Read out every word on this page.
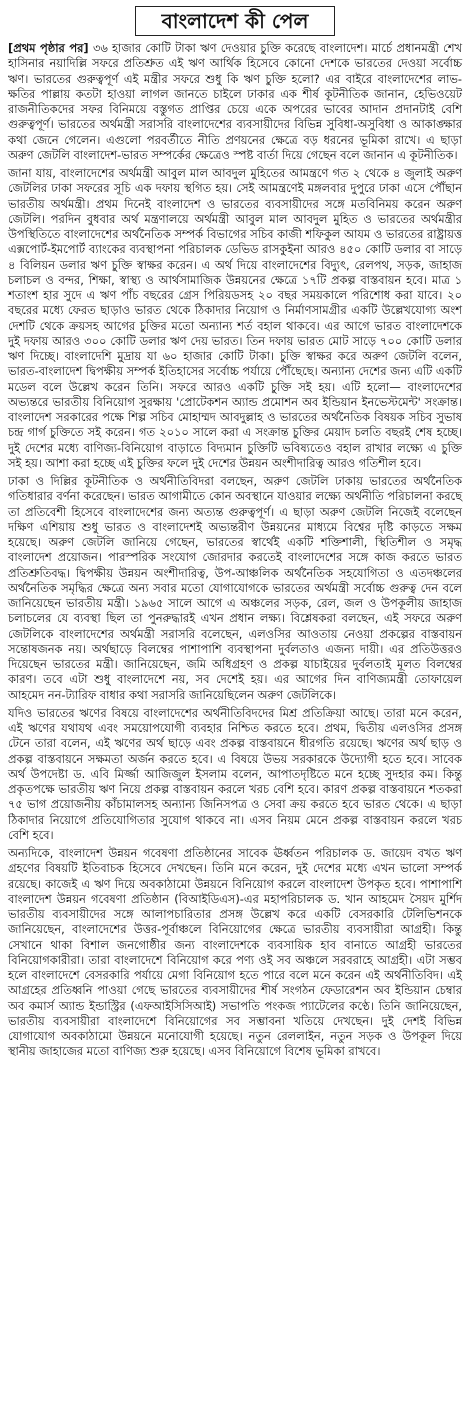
বাংলাদেশ কী পেল
[প্রথম পৃষ্ঠার পর] ৩৬ হাজার কোটি টাকা ঋণ দেওয়ার চুক্তি করেছে বাংলাদেশ। মার্চে প্রধানমন্ত্রী শেখ হাসিনার নয়াদিল্লি সফরে প্রতিশ্রুত এই ঋণ আর্থিক হিসেবে কোনো দেশকে ভারতের দেওয়া সর্বোচ্চ ঋণ। ভারতের গুরুত্বপূর্ণ এই মন্ত্রীর সফরে শুধু কি ঋণ চুক্তি হলো? এর বাইরে বাংলাদেশের লাভ-ক্ষতির পাল্লায় কতটা হাওয়া লাগল জানতে চাইলে ঢাকার এক শীর্ষ কূটনীতিক জানান, হেভিওয়েট রাজনীতিকদের সফর বিনিময়ে বস্তুগত প্রাপ্তির চেয়ে একে অপরের ভাবের আদান প্রদানটাই বেশি গুরুত্বপূর্ণ। ভারতের অর্থমন্ত্রী সরাসরি বাংলাদেশের ব্যবসায়ীদের বিভিন্ন সুবিধা-অসুবিধা ও আকাঙ্ক্ষার কথা জেনে গেলেন। এগুলো পরবর্তীতে নীতি প্রণয়নের ক্ষেত্রে বড় ধরনের ভূমিকা রাখে। এ ছাড়া অরুণ জেটলি বাংলাদেশ-ভারত সম্পর্কের ক্ষেত্রেও স্পষ্ট বার্তা দিয়ে গেছেন বলে জানান এ কূটনীতিক।
জানা যায়, বাংলাদেশের অর্থমন্ত্রী আবুল মাল আবদুল মুহিতের আমন্ত্রণে গত ২ থেকে ৪ জুলাই অরুণ জেটলির ঢাকা সফরের সূচি এক দফায় স্থগিত হয়। সেই আমন্ত্রণেই মঙ্গলবার দুপুরে ঢাকা এসে পৌঁছান ভারতীয় অর্থমন্ত্রী। প্রথম দিনেই বাংলাদেশ ও ভারতের ব্যবসায়ীদের সঙ্গে মতবিনিময় করেন অরুণ জেটলি। পরদিন বুধবার অর্থ মন্ত্রণালয়ে অর্থমন্ত্রী আবুল মাল আবদুল মুহিত ও ভারতের অর্থমন্ত্রীর উপস্থিতিতে বাংলাদেশের অর্থনৈতিক সম্পর্ক বিভাগের সচিব কাজী শফিকুল আযম ও ভারতের রাষ্ট্রায়ত্ত এক্সপোর্ট-ইমপোর্ট ব্যাংকের ব্যবস্থাপনা পরিচালক ডেভিড রাসকুইনা আরও ৪৫০ কোটি ডলার বা সাড়ে ৪ বিলিয়ন ডলার ঋণ চুক্তি স্বাক্ষর করেন। এ অর্থ দিয়ে বাংলাদেশের বিদ্যুৎ, রেলপথ, সড়ক, জাহাজ চলাচল ও বন্দর, শিক্ষা, স্বাস্থ্য ও আর্থসামাজিক উন্নয়নের ক্ষেত্রে ১৭টি প্রকল্প বাস্তবায়ন হবে। মাত্র ১ শতাংশ হার সুদে এ ঋণ পাঁচ বছরের গ্রেস পিরিয়ডসহ ২০ বছর সময়কালে পরিশোধ করা যাবে। ২০ বছরের মধ্যে ফেরত ছাড়াও ভারত থেকে ঠিকাদার নিয়োগ ও নির্মাণসামগ্রীর একটি উল্লেখযোগ্য অংশ দেশটি থেকে ক্রয়সহ আগের চুক্তির মতো অন্যান্য শর্ত বহাল থাকবে। এর আগে ভারত বাংলাদেশকে দুই দফায় আরও ৩০০ কোটি ডলার ঋণ দেয় ভারত। তিন দফায় ভারত মোট সাড়ে ৭০০ কোটি ডলার ঋণ দিচ্ছে। বাংলাদেশি মুদ্রায় যা ৬০ হাজার কোটি টাকা। চুক্তি স্বাক্ষর করে অরুণ জেটলি বলেন, ভারত-বাংলাদেশ দ্বিপক্ষীয় সম্পর্ক ইতিহাসের সর্বোচ্চ পর্যায়ে পৌঁছেছে। অন্যান্য দেশের জন্য এটি একটি মডেল বলে উল্লেখ করেন তিনি। সফরে আরও একটি চুক্তি সই হয়। এটি হলো— বাংলাদেশের অভ্যন্তরে ভারতীয় বিনিয়োগ সুরক্ষায় 'প্রোটেকশন অ্যান্ড প্রমোশন অব ইন্ডিয়ান ইনভেস্টমেন্ট' সংক্রান্ত। বাংলাদেশ সরকারের পক্ষে শিল্প সচিব মোহাম্মদ আবদুল্লাহ ও ভারতের অর্থনৈতিক বিষয়ক সচিব সুভাষ চন্দ্র গার্গ চুক্তিতে সই করেন। গত ২০১০ সালে করা এ সংক্রান্ত চুক্তির মেয়াদ চলতি বছরই শেষ হচ্ছে। দুই দেশের মধ্যে বাণিজ্য-বিনিয়োগ বাড়াতে বিদ্যমান চুক্তিটি ভবিষ্যতেও বহাল রাখার লক্ষ্যে এ চুক্তি সই হয়। আশা করা হচ্ছে এই চুক্তির ফলে দুই দেশের উন্নয়ন অংশীদারিত্ব আরও গতিশীল হবে।
ঢাকা ও দিল্লির কূটনীতিক ও অর্থনীতিবিদরা বলছেন, অরুণ জেটলি ঢাকায় ভারতের অর্থনৈতিক গতিধারার বর্ণনা করেছেন। ভারত আগামীতে কোন অবস্থানে যাওয়ার লক্ষ্যে অর্থনীতি পরিচালনা করছে তা প্রতিবেশী হিসেবে বাংলাদেশের জন্য অত্যন্ত গুরুত্বপূর্ণ। এ ছাড়া অরুণ জেটলি নিজেই বলেছেন দক্ষিণ এশিয়ায় শুধু ভারত ও বাংলাদেশই অভ্যন্তরীণ উন্নয়নের মাধ্যমে বিশ্বের দৃষ্টি কাড়তে সক্ষম হয়েছে। অরুণ জেটলি জানিয়ে গেছেন, ভারতের স্বার্থেই একটি শক্তিশালী, স্থিতিশীল ও সমৃদ্ধ বাংলাদেশ প্রয়োজন। পারস্পরিক সংযোগ জোরদার করতেই বাংলাদেশের সঙ্গে কাজ করতে ভারত প্রতিশ্রুতিবদ্ধ। দ্বিপক্ষীয় উন্নয়ন অংশীদারিত্ব, উপ-আঞ্চলিক অর্থনৈতিক সহযোগিতা ও এতদঞ্চলের অর্থনৈতিক সমৃদ্ধির ক্ষেত্রে অন্য সবার মতো যোগাযোগকে ভারতের অর্থমন্ত্রী সর্বোচ্চ গুরুত্ব দেন বলে জানিয়েছেন ভারতীয় মন্ত্রী। ১৯৬৫ সালে আগে এ অঞ্চলের সড়ক, রেল, জল ও উপকূলীয় জাহাজ চলাচলের যে ব্যবস্থা ছিল তা পুনরুদ্ধারই এখন প্রধান লক্ষ্য। বিশ্লেষকরা বলছেন, এই সফরে অরুণ জেটলিকে বাংলাদেশের অর্থমন্ত্রী সরাসরি বলেছেন, এলওসির আওতায় নেওয়া প্রকল্পের বাস্তবায়ন সন্তোষজনক নয়। অর্থছাড়ে বিলম্বের পাশাপাশি ব্যবস্থাপনা দুর্বলতাও এজন্য দায়ী। এর প্রতিউত্তরও দিয়েছেন ভারতের মন্ত্রী। জানিয়েছেন, জমি অধিগ্রহণ ও প্রকল্প যাচাইয়ের দুর্বলতাই মূলত বিলম্বের কারণ। তবে এটা শুধু বাংলাদেশে নয়, সব দেশেই হয়। এর আগের দিন বাণিজ্যমন্ত্রী তোফায়েল আহমেদ নন-ট্যারিফ বাধার কথা সরাসরি জানিয়েছিলেন অরুণ জেটলিকে।
যদিও ভারতের ঋণের বিষয়ে বাংলাদেশের অর্থনীতিবিদদের মিশ্র প্রতিক্রিয়া আছে। তারা মনে করেন, এই ঋণের যথাযথ এবং সময়োপযোগী ব্যবহার নিশ্চিত করতে হবে। প্রথম, দ্বিতীয় এলওসির প্রসঙ্গ টেনে তারা বলেন, এই ঋণের অর্থ ছাড়ে এবং প্রকল্প বাস্তবায়নে ধীরগতি রয়েছে। ঋণের অর্থ ছাড় ও প্রকল্প বাস্তবায়নে সক্ষমতা অর্জন করতে হবে। এ বিষয়ে উভয় সরকারকে উদ্যোগী হতে হবে। সাবেক অর্থ উপদেষ্টা ড. এবি মির্জ্জা আজিজুল ইসলাম বলেন, আপাতদৃষ্টিতে মনে হচ্ছে সুদহার কম। কিন্তু প্রকৃতপক্ষে ভারতীয় ঋণ নিয়ে প্রকল্প বাস্তবায়ন করলে খরচ বেশি হবে। কারণ প্রকল্প বাস্তবায়নে শতকরা ৭৫ ভাগ প্রয়োজনীয় কাঁচামালসহ অন্যান্য জিনিসপত্র ও সেবা ক্রয় করতে হবে ভারত থেকে। এ ছাড়া ঠিকাদার নিয়োগে প্রতিযোগিতার সুযোগ থাকবে না। এসব নিয়ম মেনে প্রকল্প বাস্তবায়ন করলে খরচ বেশি হবে।
অন্যদিকে, বাংলাদেশ উন্নয়ন গবেষণা প্রতিষ্ঠানের সাবেক ঊর্ধ্বতন পরিচালক ড. জায়েদ বখত ঋণ গ্রহণের বিষয়টি ইতিবাচক হিসেবে দেখছেন। তিনি মনে করেন, দুই দেশের মধ্যে এখন ভালো সম্পর্ক রয়েছে। কাজেই এ ঋণ দিয়ে অবকাঠামো উন্নয়নে বিনিয়োগ করলে বাংলাদেশ উপকৃত হবে। পাশাপাশি বাংলাদেশ উন্নয়ন গবেষণা প্রতিষ্ঠান (বিআইডিএস)-এর মহাপরিচালক ড. খান আহমেদ সৈয়দ মুর্শিদ ভারতীয় ব্যবসায়ীদের সঙ্গে আলাপচারিতার প্রসঙ্গ উল্লেখ করে একটি বেসরকারি টেলিভিশনকে জানিয়েছেন, বাংলাদেশের উত্তর-পূর্বাঞ্চলে বিনিয়োগের ক্ষেত্রে ভারতীয় ব্যবসায়ীরা আগ্রহী। কিন্তু সেখানে থাকা বিশাল জনগোষ্ঠীর জন্য বাংলাদেশকে ব্যবসায়িক হাব বানাতে আগ্রহী ভারতের বিনিয়োগকারীরা। তারা বাংলাদেশে বিনিয়োগ করে পণ্য ওই সব অঞ্চলে সরবরাহে আগ্রহী। এটা সম্ভব হলে বাংলাদেশে বেসরকারি পর্যায়ে মেগা বিনিয়োগ হতে পারে বলে মনে করেন এই অর্থনীতিবিদ। এই আগ্রহের প্রতিধ্বনি পাওয়া গেছে ভারতের ব্যবসায়ীদের শীর্ষ সংগঠন ফেডারেশন অব ইন্ডিয়ান চেম্বার অব কমার্স অ্যান্ড ইন্ডাস্ট্রির (এফআইসিসিআই) সভাপতি পংকজ প্যাটেলের কণ্ঠে। তিনি জানিয়েছেন, ভারতীয় ব্যবসায়ীরা বাংলাদেশে বিনিয়োগের সব সম্ভাবনা খতিয়ে দেখছেন। দুই দেশই বিভিন্ন যোগাযোগ অবকাঠামো উন্নয়নে মনোযোগী হয়েছে। নতুন রেললাইন, নতুন সড়ক ও উপকূল দিয়ে স্থানীয় জাহাজের মতো বাণিজ্য শুরু হয়েছে। এসব বিনিয়োগে বিশেষ ভূমিকা রাখবে।
